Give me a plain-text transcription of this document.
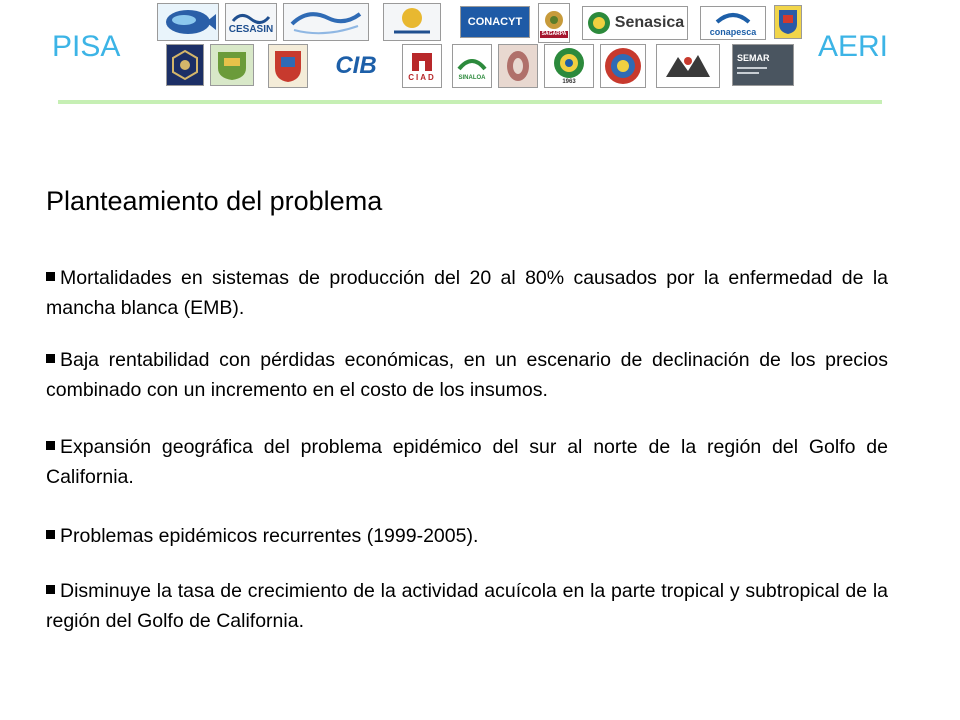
PISA	AERI
CESASIN
CONACYT
SAGARPA
Senasica
conapesca
CIB	CIAD	SINALOA
1963
SEMAR
Planteamiento del problema

Mortalidades en sistemas de producción del 20 al 80% causados por la enfermedad de la mancha blanca (EMB).

Baja rentabilidad con pérdidas económicas, en un escenario de declinación de los precios combinado con un incremento en el costo de los insumos.

Expansión geográfica del problema epidémico del sur al norte de la región del Golfo de California.

Problemas epidémicos recurrentes (1999-2005).

Disminuye la tasa de crecimiento de la actividad acuícola en la parte tropical y subtropical de la región del Golfo de California.
